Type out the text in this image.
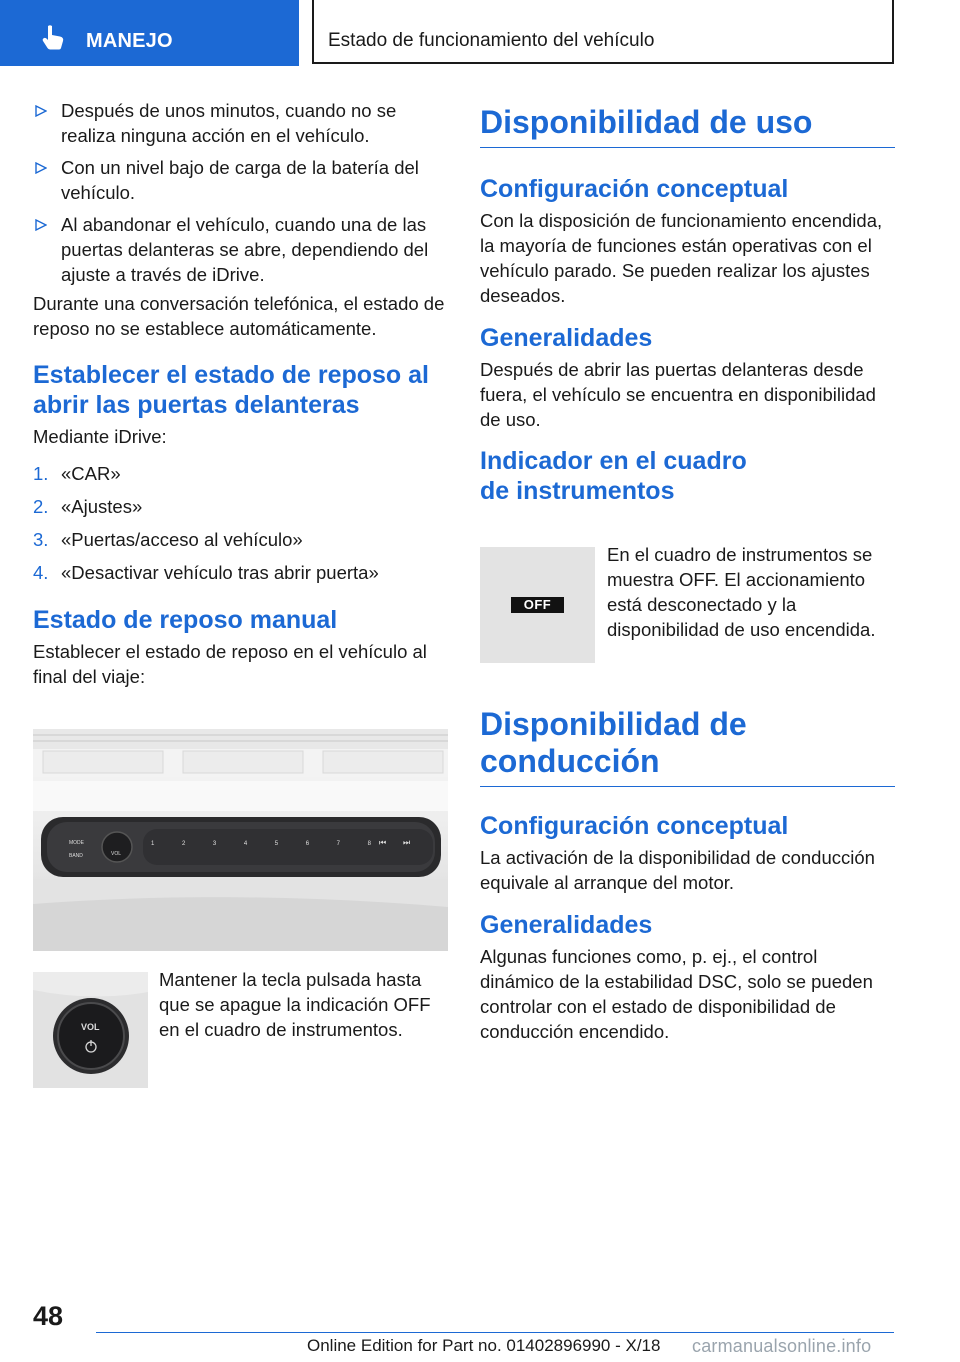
MANEJO	Estado de funcionamiento del vehículo
Después de unos minutos, cuando no se realiza ninguna acción en el vehículo.
Con un nivel bajo de carga de la batería del vehículo.
Al abandonar el vehículo, cuando una de las puertas delanteras se abre, dependiendo del ajuste a través de iDrive.

Durante una conversación telefónica, el estado de reposo no se establece automáticamente.

Establecer el estado de reposo al abrir las puertas delanteras

Mediante iDrive:

1. «CAR»
2. «Ajustes»
3. «Puertas/acceso al vehículo»
4. «Desactivar vehículo tras abrir puerta»
Estado de reposo manual

Establecer el estado de reposo en el vehículo al final del viaje:

MODE
BAND	VOL
1	2	3	4	5	6	7	8 ⏮ ⏭
VOL

Mantener la tecla pulsada hasta que se apague la indicación OFF en el cuadro de instrumentos.

Disponibilidad de uso
Configuración conceptual

Con la disposición de funcionamiento encendida, la mayoría de funciones están operativas con el vehículo parado. Se pueden realizar los ajustes deseados.

Generalidades

Después de abrir las puertas delanteras desde fuera, el vehículo se encuentra en disponibilidad de uso.

Indicador en el cuadro
de instrumentos
OFF

En el cuadro de instrumentos se muestra OFF. El accionamiento está desconectado y la disponibilidad de uso encendida.

Disponibilidad de
conducción
Configuración conceptual

La activación de la disponibilidad de conducción equivale al arranque del motor.

Generalidades

Algunas funciones como, p. ej., el control dinámico de la estabilidad DSC, solo se pueden controlar con el estado de disponibilidad de conducción encendido.

48
Online Edition for Part no. 01402896990 - X/18 carmanualsonline.info
